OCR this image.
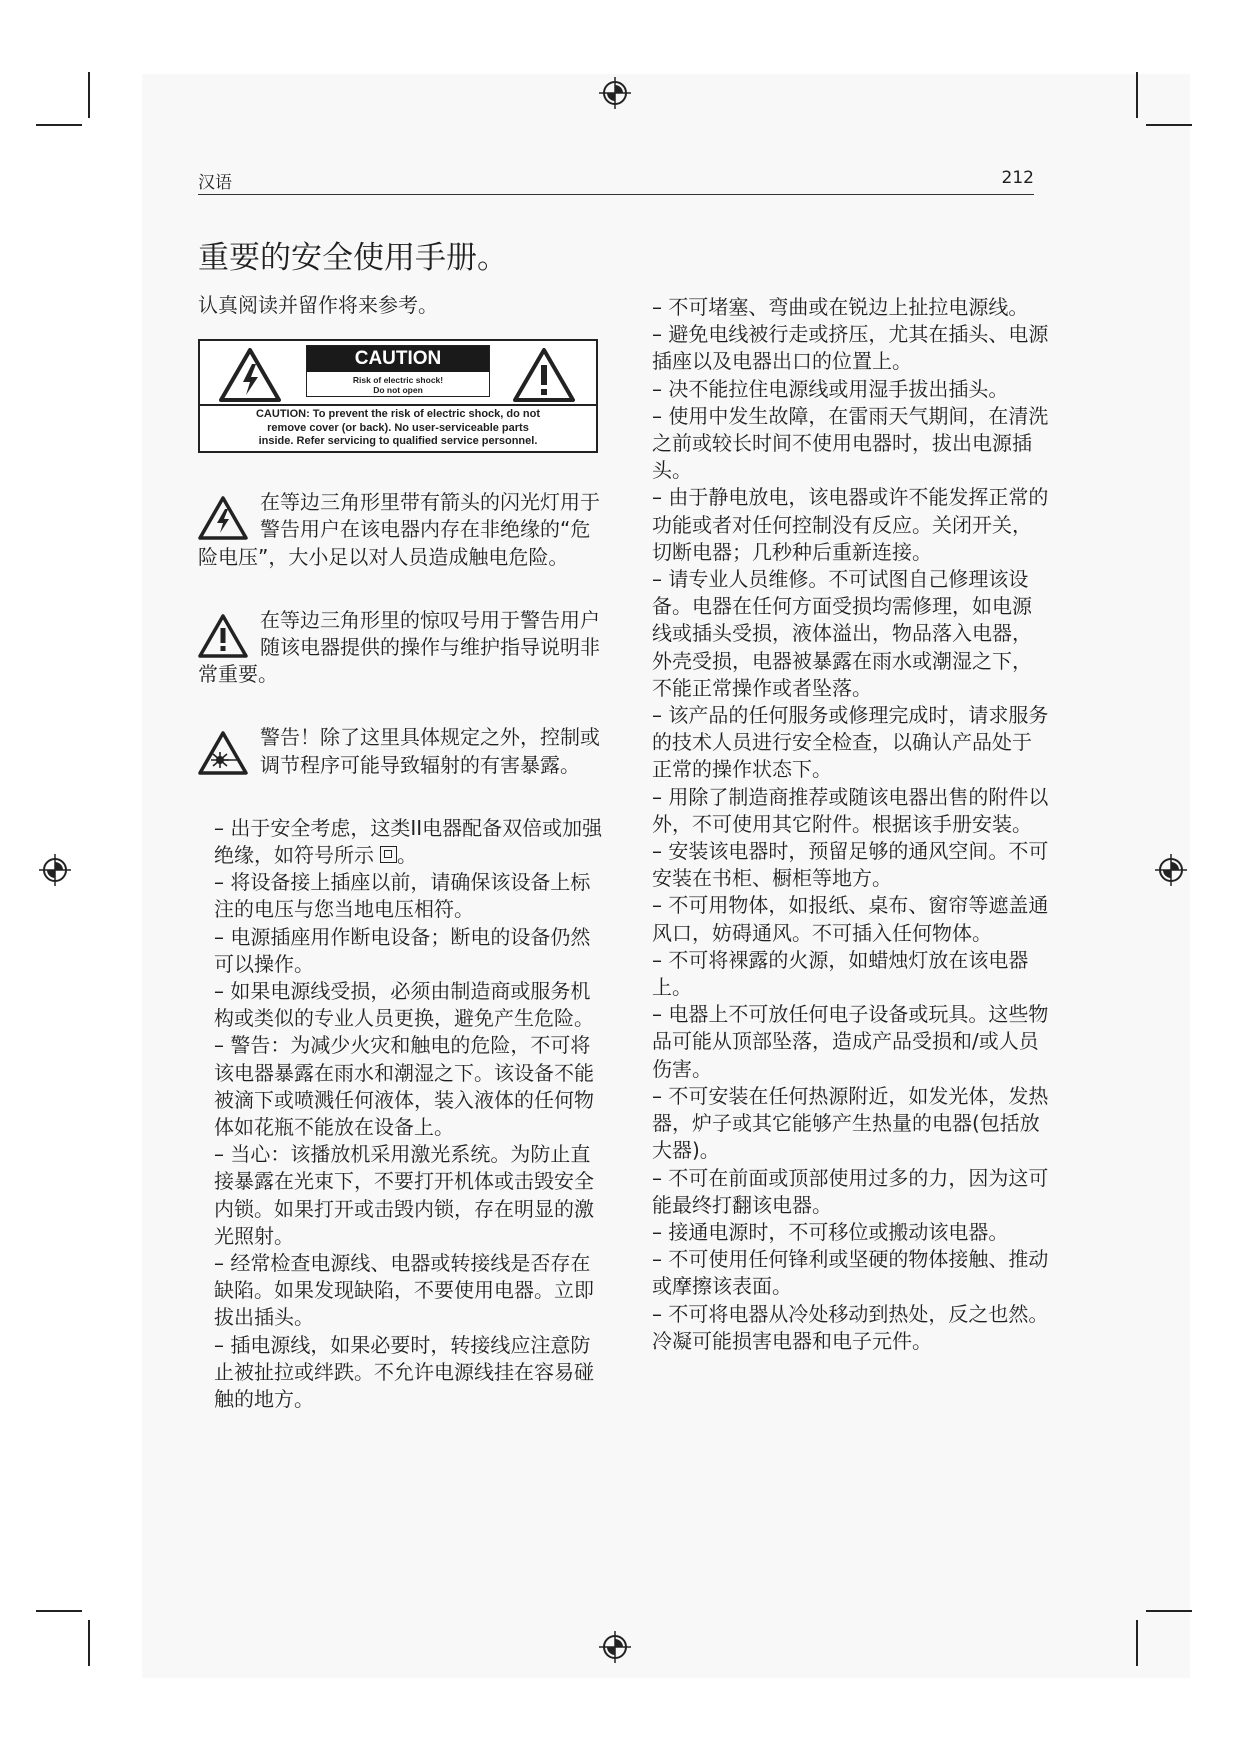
汉语	212
重要的安全使用手册。

认真阅读并留作将来参考。

CAUTION
Risk of electric shock!
Do not open
CAUTION: To prevent the risk of electric shock, do not
remove cover (or back). No user-serviceable parts
inside. Refer servicing to qualified service personnel.

在等边三角形里带有箭头的闪光灯用于警告用户在该电器内存在非绝缘的“危险电压”，大小足以对人员造成触电危险。

在等边三角形里的惊叹号用于警告用户随该电器提供的操作与维护指导说明非常重要。

警告！除了这里具体规定之外，控制或调节程序可能导致辐射的有害暴露。

– 出于安全考虑，这类II电器配备双倍或加强绝缘，如符号所示 。

– 将设备接上插座以前，请确保该设备上标注的电压与您当地电压相符。

– 电源插座用作断电设备；断电的设备仍然可以操作。

– 如果电源线受损，必须由制造商或服务机构或类似的专业人员更换，避免产生危险。

– 警告：为减少火灾和触电的危险，不可将该电器暴露在雨水和潮湿之下。该设备不能被滴下或喷溅任何液体，装入液体的任何物体如花瓶不能放在设备上。

– 当心：该播放机采用激光系统。为防止直接暴露在光束下，不要打开机体或击毁安全内锁。如果打开或击毁内锁，存在明显的激光照射。

– 经常检查电源线、电器或转接线是否存在缺陷。如果发现缺陷，不要使用电器。立即拔出插头。

– 插电源线，如果必要时，转接线应注意防止被扯拉或绊跌。不允许电源线挂在容易碰触的地方。

– 不可堵塞、弯曲或在锐边上扯拉电源线。

– 避免电线被行走或挤压，尤其在插头、电源插座以及电器出口的位置上。

– 决不能拉住电源线或用湿手拔出插头。

– 使用中发生故障，在雷雨天气期间，在清洗之前或较长时间不使用电器时，拔出电源插头。

– 由于静电放电，该电器或许不能发挥正常的功能或者对任何控制没有反应。关闭开关，切断电器；几秒种后重新连接。

– 请专业人员维修。不可试图自己修理该设备。电器在任何方面受损均需修理，如电源线或插头受损，液体溢出，物品落入电器，外壳受损，电器被暴露在雨水或潮湿之下，不能正常操作或者坠落。

– 该产品的任何服务或修理完成时，请求服务的技术人员进行安全检查，以确认产品处于正常的操作状态下。

– 用除了制造商推荐或随该电器出售的附件以外，不可使用其它附件。根据该手册安装。

– 安装该电器时，预留足够的通风空间。不可安装在书柜、橱柜等地方。

– 不可用物体，如报纸、桌布、窗帘等遮盖通风口，妨碍通风。不可插入任何物体。

– 不可将裸露的火源，如蜡烛灯放在该电器上。

– 电器上不可放任何电子设备或玩具。这些物品可能从顶部坠落，造成产品受损和/或人员伤害。

– 不可安装在任何热源附近，如发光体，发热器，炉子或其它能够产生热量的电器(包括放大器)。

– 不可在前面或顶部使用过多的力，因为这可能最终打翻该电器。

– 接通电源时，不可移位或搬动该电器。

– 不可使用任何锋利或坚硬的物体接触、推动或摩擦该表面。

– 不可将电器从冷处移动到热处，反之也然。冷凝可能损害电器和电子元件。
